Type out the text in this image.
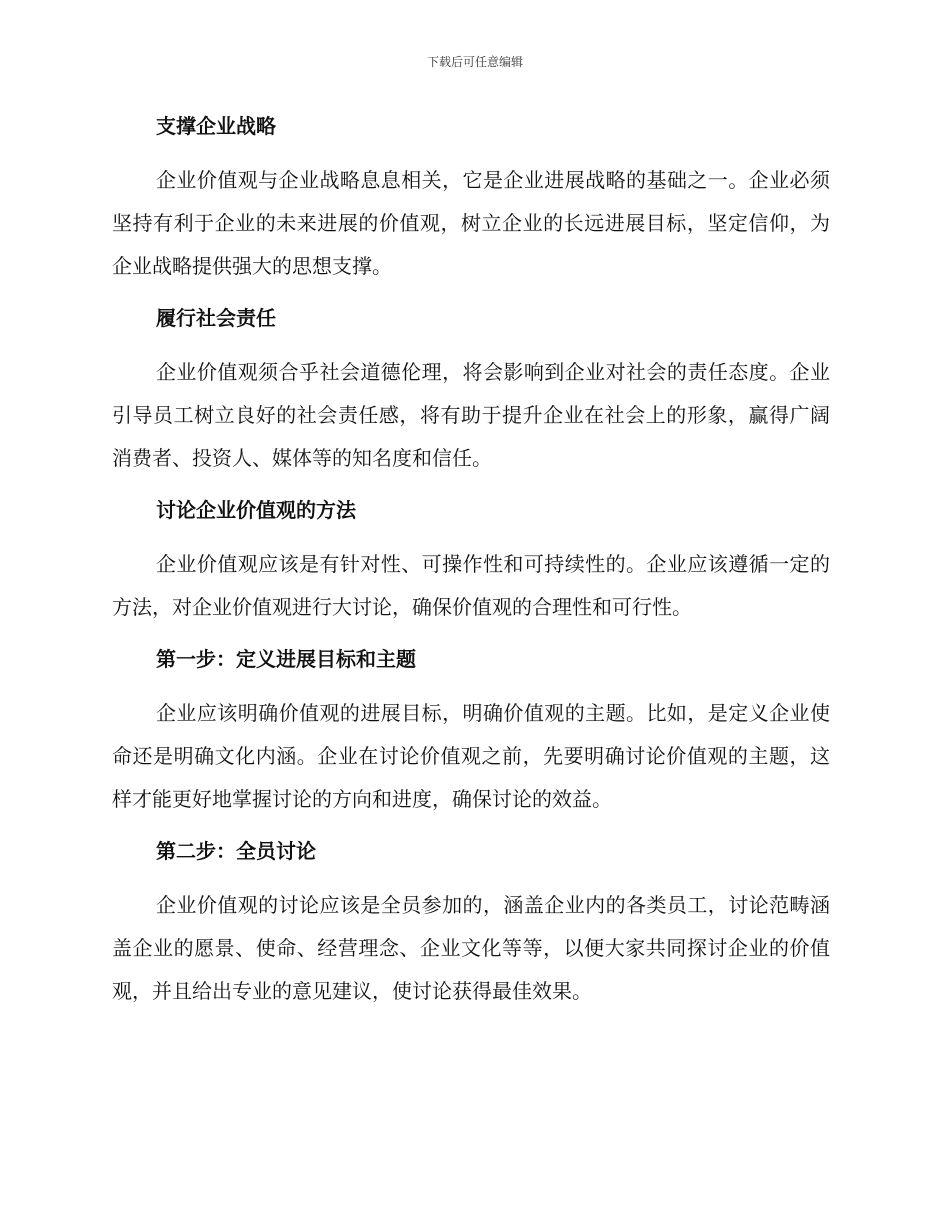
下载后可任意编辑
支撑企业战略

企业价值观与企业战略息息相关，它是企业进展战略的基础之一。企业必须坚持有利于企业的未来进展的价值观，树立企业的长远进展目标，坚定信仰，为企业战略提供强大的思想支撑。

履行社会责任

企业价值观须合乎社会道德伦理，将会影响到企业对社会的责任态度。企业引导员工树立良好的社会责任感，将有助于提升企业在社会上的形象，赢得广阔消费者、投资人、媒体等的知名度和信任。

讨论企业价值观的方法

企业价值观应该是有针对性、可操作性和可持续性的。企业应该遵循一定的方法，对企业价值观进行大讨论，确保价值观的合理性和可行性。

第一步：定义进展目标和主题

企业应该明确价值观的进展目标，明确价值观的主题。比如，是定义企业使命还是明确文化内涵。企业在讨论价值观之前，先要明确讨论价值观的主题，这样才能更好地掌握讨论的方向和进度，确保讨论的效益。

第二步：全员讨论

企业价值观的讨论应该是全员参加的，涵盖企业内的各类员工，讨论范畴涵盖企业的愿景、使命、经营理念、企业文化等等，以便大家共同探讨企业的价值观，并且给出专业的意见建议，使讨论获得最佳效果。
